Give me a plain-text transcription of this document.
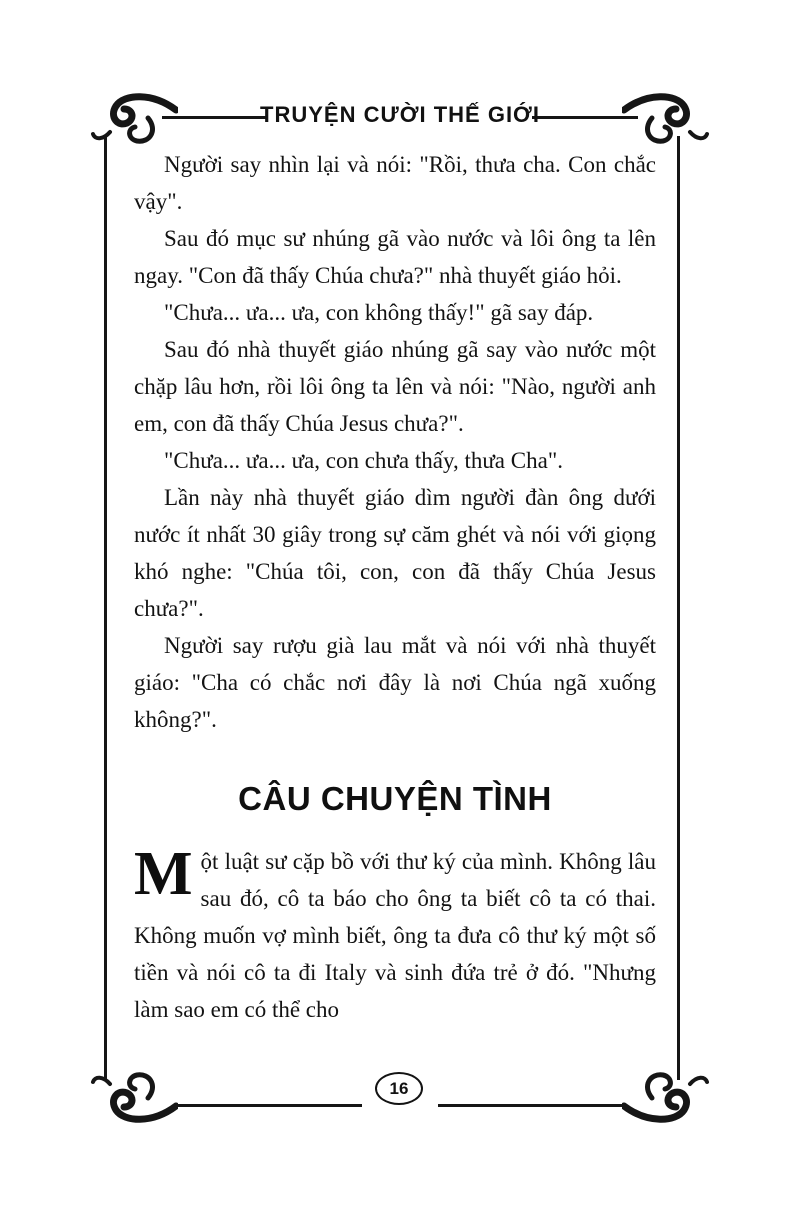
TRUYỆN CƯỜI THẾ GIỚI

Người say nhìn lại và nói: "Rồi, thưa cha. Con chắc vậy".

Sau đó mục sư nhúng gã vào nước và lôi ông ta lên ngay. "Con đã thấy Chúa chưa?" nhà thuyết giáo hỏi.

"Chưa... ưa... ưa, con không thấy!" gã say đáp.

Sau đó nhà thuyết giáo nhúng gã say vào nước một chặp lâu hơn, rồi lôi ông ta lên và nói: "Nào, người anh em, con đã thấy Chúa Jesus chưa?".

"Chưa... ưa... ưa, con chưa thấy, thưa Cha".

Lần này nhà thuyết giáo dìm người đàn ông dưới nước ít nhất 30 giây trong sự căm ghét và nói với giọng khó nghe: "Chúa tôi, con, con đã thấy Chúa Jesus chưa?".

Người say rượu già lau mắt và nói với nhà thuyết giáo: "Cha có chắc nơi đây là nơi Chúa ngã xuống không?".

CÂU CHUYỆN TÌNH

Một luật sư cặp bồ với thư ký của mình. Không lâu sau đó, cô ta báo cho ông ta biết cô ta có thai. Không muốn vợ mình biết, ông ta đưa cô thư ký một số tiền và nói cô ta đi Italy và sinh đứa trẻ ở đó. "Nhưng làm sao em có thể cho

16
